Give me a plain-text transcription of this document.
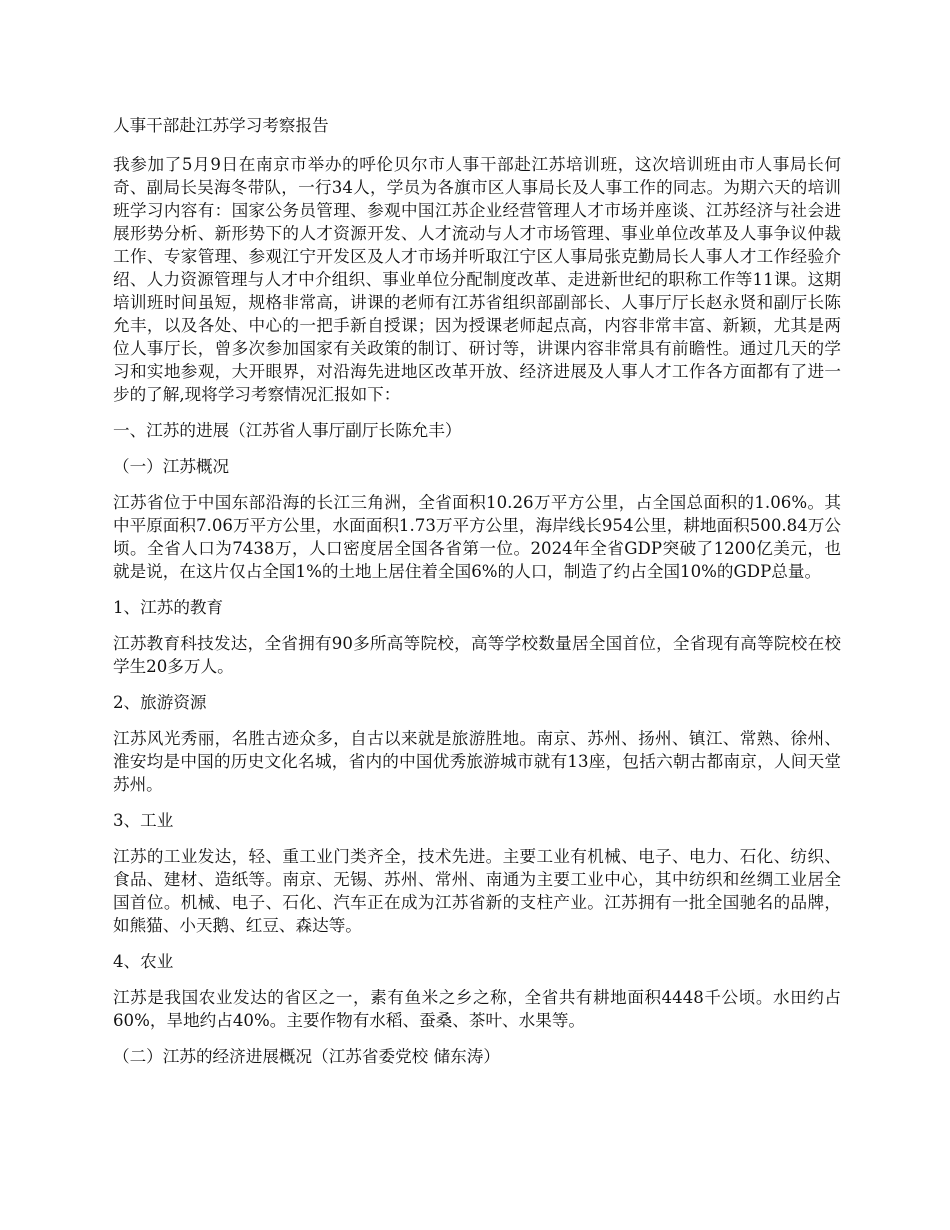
人事干部赴江苏学习考察报告

我参加了5月9日在南京市举办的呼伦贝尔市人事干部赴江苏培训班，这次培训班由市人事局长何奇、副局长吴海冬带队，一行34人，学员为各旗市区人事局长及人事工作的同志。为期六天的培训班学习内容有：国家公务员管理、参观中国江苏企业经营管理人才市场并座谈、江苏经济与社会进展形势分析、新形势下的人才资源开发、人才流动与人才市场管理、事业单位改革及人事争议仲裁工作、专家管理、参观江宁开发区及人才市场并听取江宁区人事局张克勤局长人事人才工作经验介绍、人力资源管理与人才中介组织、事业单位分配制度改革、走进新世纪的职称工作等11课。这期培训班时间虽短，规格非常高，讲课的老师有江苏省组织部副部长、人事厅厅长赵永贤和副厅长陈允丰，以及各处、中心的一把手新自授课；因为授课老师起点高，内容非常丰富、新颖，尤其是两位人事厅长，曾多次参加国家有关政策的制订、研讨等，讲课内容非常具有前瞻性。通过几天的学习和实地参观，大开眼界，对沿海先进地区改革开放、经济进展及人事人才工作各方面都有了进一步的了解,现将学习考察情况汇报如下：

一、江苏的进展（江苏省人事厅副厅长陈允丰）

（一）江苏概况

江苏省位于中国东部沿海的长江三角洲，全省面积10.26万平方公里，占全国总面积的1.06%。其中平原面积7.06万平方公里，水面面积1.73万平方公里，海岸线长954公里，耕地面积500.84万公顷。全省人口为7438万，人口密度居全国各省第一位。2024年全省GDP突破了1200亿美元，也就是说，在这片仅占全国1%的土地上居住着全国6%的人口，制造了约占全国10%的GDP总量。

1、江苏的教育

江苏教育科技发达，全省拥有90多所高等院校，高等学校数量居全国首位，全省现有高等院校在校学生20多万人。

2、旅游资源

江苏风光秀丽，名胜古迹众多，自古以来就是旅游胜地。南京、苏州、扬州、镇江、常熟、徐州、淮安均是中国的历史文化名城，省内的中国优秀旅游城市就有13座，包括六朝古都南京，人间天堂苏州。

3、工业

江苏的工业发达，轻、重工业门类齐全，技术先进。主要工业有机械、电子、电力、石化、纺织、食品、建材、造纸等。南京、无锡、苏州、常州、南通为主要工业中心，其中纺织和丝绸工业居全国首位。机械、电子、石化、汽车正在成为江苏省新的支柱产业。江苏拥有一批全国驰名的品牌，如熊猫、小天鹅、红豆、森达等。

4、农业

江苏是我国农业发达的省区之一，素有鱼米之乡之称，全省共有耕地面积4448千公顷。水田约占60%，旱地约占40%。主要作物有水稻、蚕桑、茶叶、水果等。

（二）江苏的经济进展概况（江苏省委党校 储东涛）
